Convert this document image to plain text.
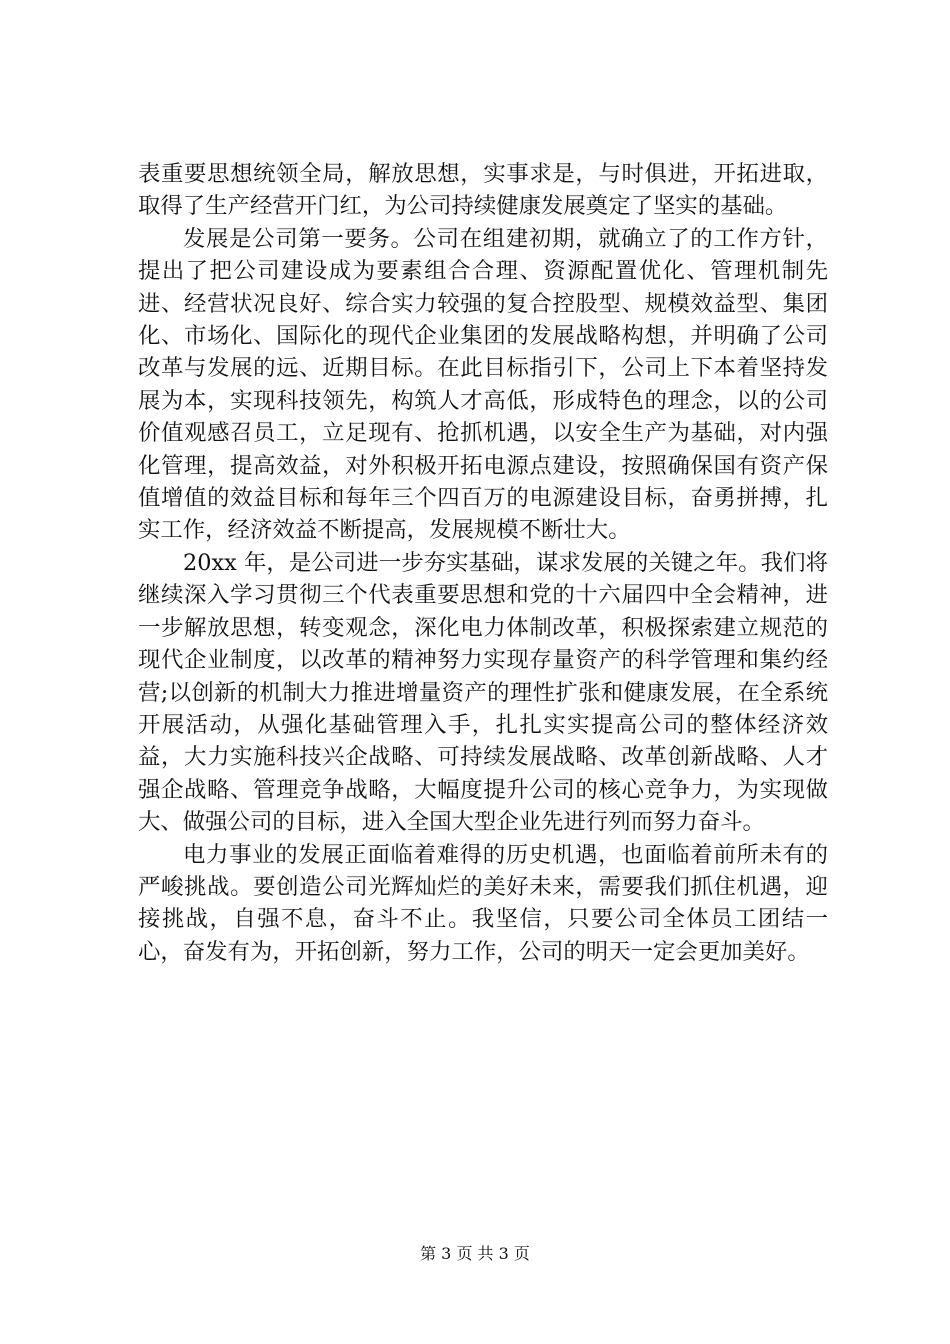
表重要思想统领全局，解放思想，实事求是，与时俱进，开拓进取，取得了生产经营开门红，为公司持续健康发展奠定了坚实的基础。

发展是公司第一要务。公司在组建初期，就确立了的工作方针，提出了把公司建设成为要素组合合理、资源配置优化、管理机制先进、经营状况良好、综合实力较强的复合控股型、规模效益型、集团化、市场化、国际化的现代企业集团的发展战略构想，并明确了公司改革与发展的远、近期目标。在此目标指引下，公司上下本着坚持发展为本，实现科技领先，构筑人才高低，形成特色的理念，以的公司价值观感召员工，立足现有、抢抓机遇，以安全生产为基础，对内强化管理，提高效益，对外积极开拓电源点建设，按照确保国有资产保值增值的效益目标和每年三个四百万的电源建设目标，奋勇拼搏，扎实工作，经济效益不断提高，发展规模不断壮大。

20xx 年，是公司进一步夯实基础，谋求发展的关键之年。我们将继续深入学习贯彻三个代表重要思想和党的十六届四中全会精神，进一步解放思想，转变观念，深化电力体制改革，积极探索建立规范的现代企业制度，以改革的精神努力实现存量资产的科学管理和集约经营;以创新的机制大力推进增量资产的理性扩张和健康发展，在全系统开展活动，从强化基础管理入手，扎扎实实提高公司的整体经济效益，大力实施科技兴企战略、可持续发展战略、改革创新战略、人才强企战略、管理竞争战略，大幅度提升公司的核心竞争力，为实现做大、做强公司的目标，进入全国大型企业先进行列而努力奋斗。

电力事业的发展正面临着难得的历史机遇，也面临着前所未有的严峻挑战。要创造公司光辉灿烂的美好未来，需要我们抓住机遇，迎接挑战，自强不息，奋斗不止。我坚信，只要公司全体员工团结一心，奋发有为，开拓创新，努力工作，公司的明天一定会更加美好。

第 3 页 共 3 页
